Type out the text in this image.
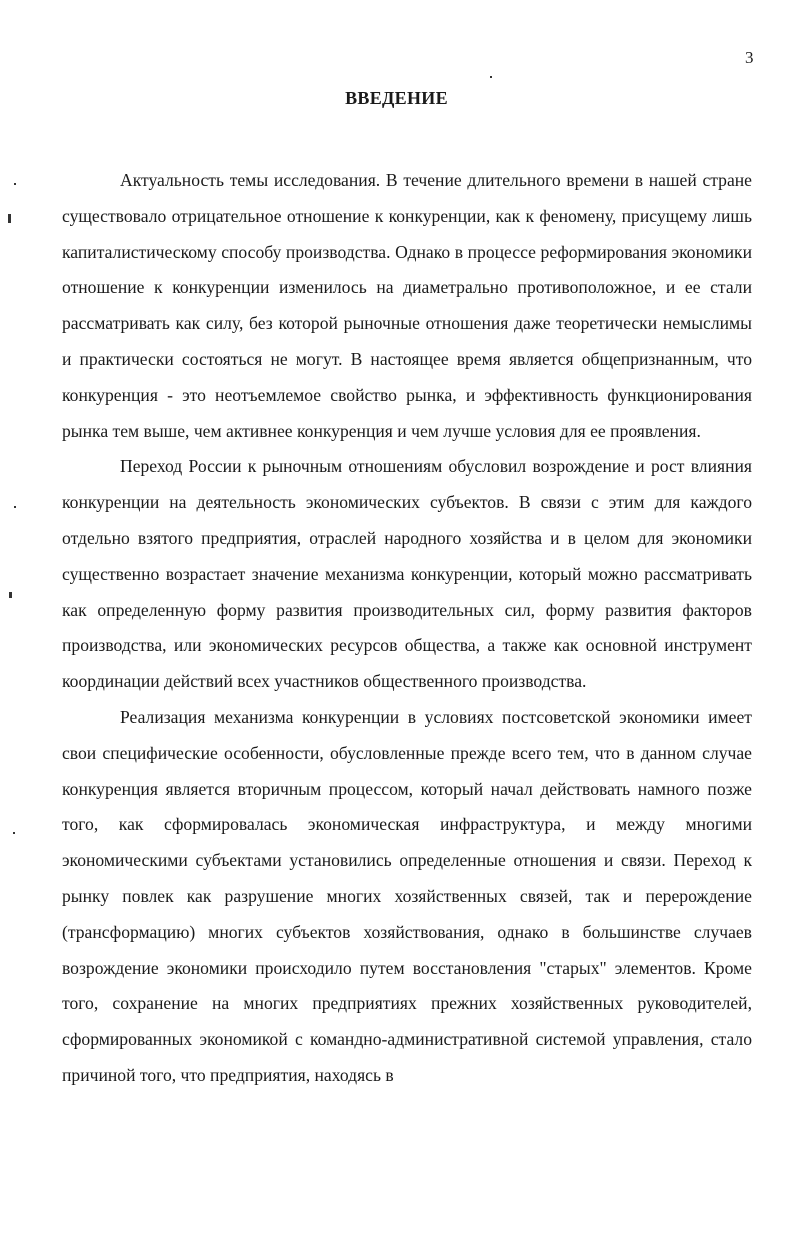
3
ВВЕДЕНИЕ

Актуальность темы исследования. В течение длительного времени в нашей стране существовало отрицательное отношение к конкуренции, как к феномену, присущему лишь капиталистическому способу производства. Однако в процессе реформирования экономики отношение к конкуренции изменилось на диаметрально противоположное, и ее стали рассматривать как силу, без которой рыночные отношения даже теоретически немыслимы и практически состояться не могут. В настоящее время является общепризнанным, что конкуренция - это неотъемлемое свойство рынка, и эффективность функционирования рынка тем выше, чем активнее конкуренция и чем лучше условия для ее проявления.

Переход России к рыночным отношениям обусловил возрождение и рост влияния конкуренции на деятельность экономических субъектов. В связи с этим для каждого отдельно взятого предприятия, отраслей народного хозяйства и в целом для экономики существенно возрастает значение механизма конкуренции, который можно рассматривать как определенную форму развития производительных сил, форму развития факторов производства, или экономических ресурсов общества, а также как основной инструмент координации действий всех участников общественного производства.

Реализация механизма конкуренции в условиях постсоветской экономики имеет свои специфические особенности, обусловленные прежде всего тем, что в данном случае конкуренция является вторичным процессом, который начал действовать намного позже того, как сформировалась экономическая инфраструктура, и между многими экономическими субъектами установились определенные отношения и связи. Переход к рынку повлек как разрушение многих хозяйственных связей, так и перерождение (трансформацию) многих субъектов хозяйствования, однако в большинстве случаев возрождение экономики происходило путем восстановления "старых" элементов. Кроме того, сохранение на многих предприятиях прежних хозяйственных руководителей, сформированных экономикой с командно-административной системой управления, стало причиной того, что предприятия, находясь в
